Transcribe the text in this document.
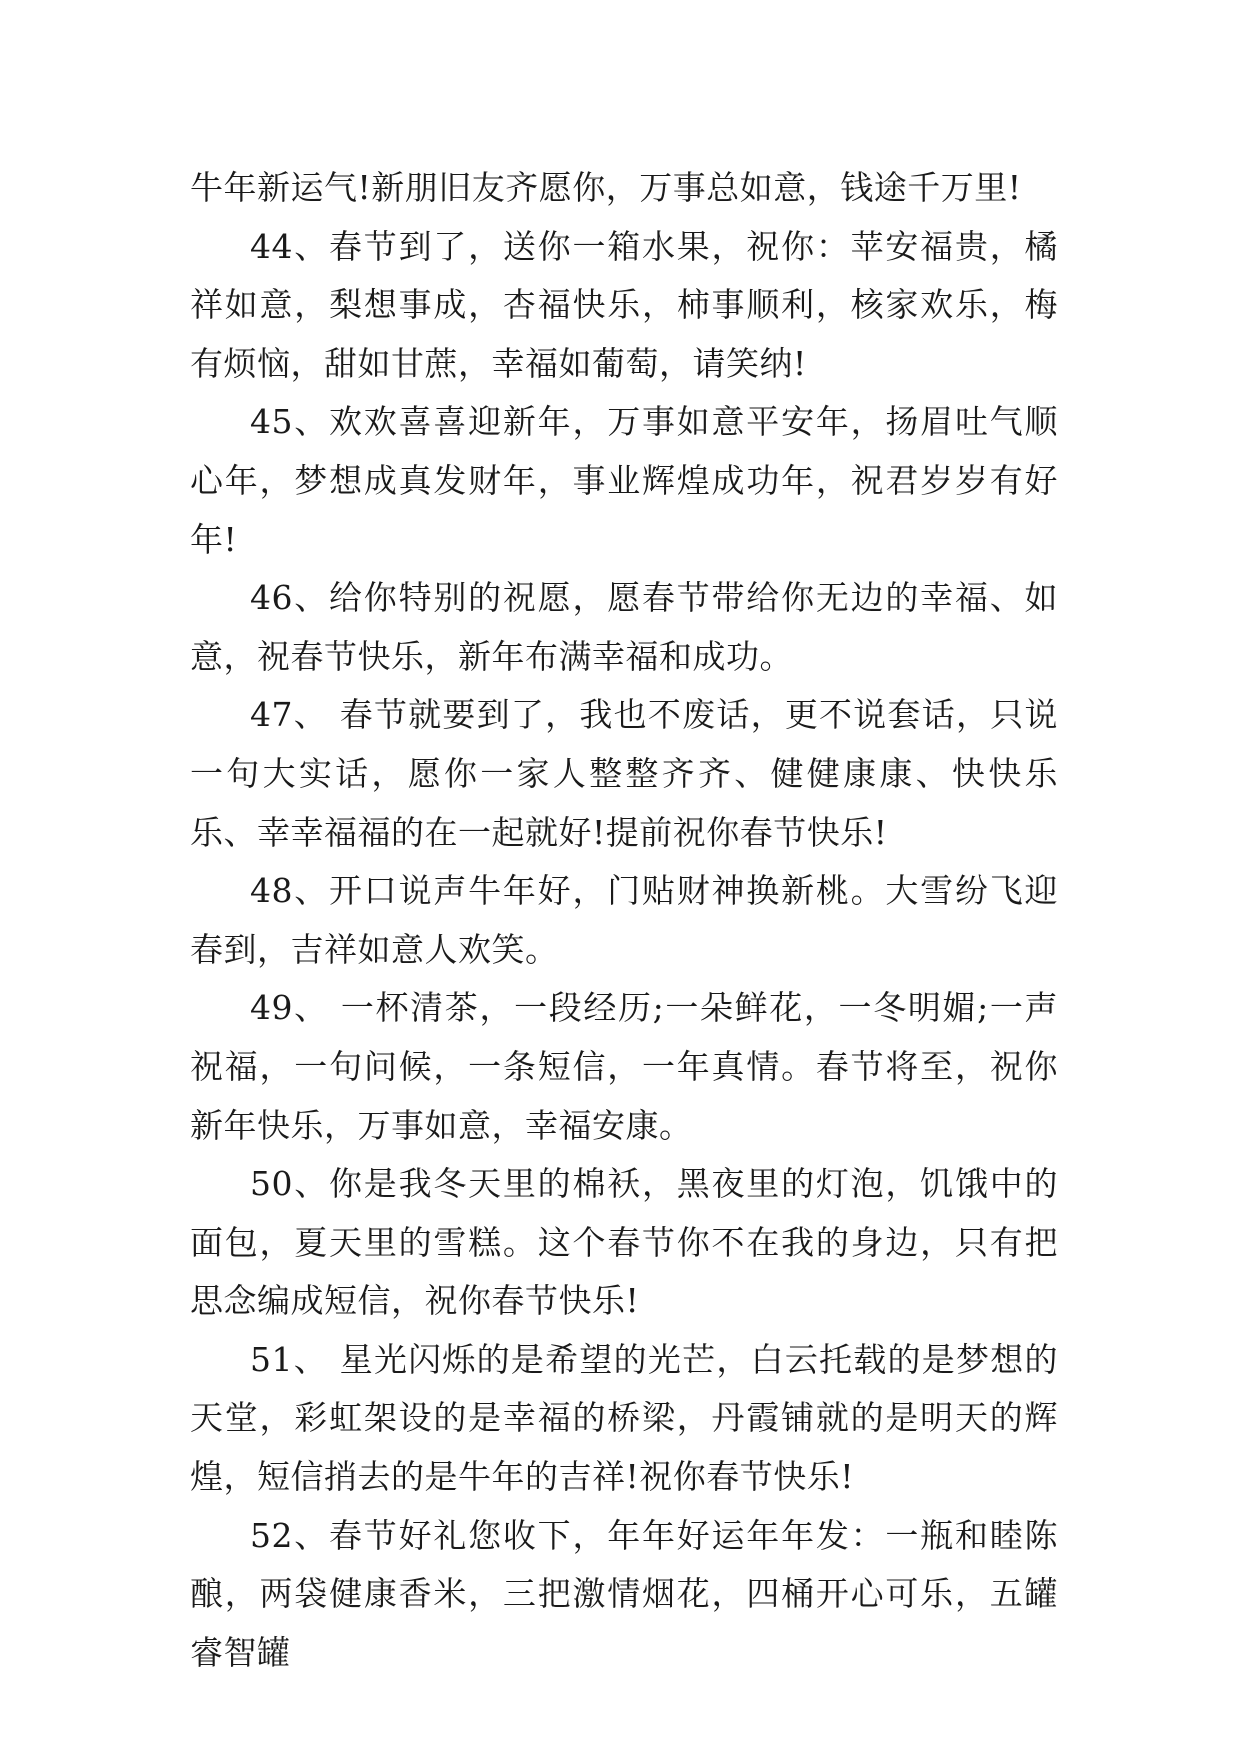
牛年新运气!新朋旧友齐愿你，万事总如意，钱途千万里!

44、春节到了，送你一箱水果，祝你：苹安福贵，橘祥如意，梨想事成，杏福快乐，柿事顺利，核家欢乐，梅有烦恼，甜如甘蔗，幸福如葡萄，请笑纳!

45、欢欢喜喜迎新年，万事如意平安年，扬眉吐气顺心年，梦想成真发财年，事业辉煌成功年，祝君岁岁有好年!

46、给你特别的祝愿，愿春节带给你无边的幸福、如意，祝春节快乐，新年布满幸福和成功。

47、 春节就要到了，我也不废话，更不说套话，只说一句大实话，愿你一家人整整齐齐、健健康康、快快乐乐、幸幸福福的在一起就好!提前祝你春节快乐!

48、开口说声牛年好，门贴财神换新桃。大雪纷飞迎春到，吉祥如意人欢笑。

49、 一杯清茶，一段经历;一朵鲜花，一冬明媚;一声祝福，一句问候，一条短信，一年真情。春节将至，祝你新年快乐，万事如意，幸福安康。

50、你是我冬天里的棉袄，黑夜里的灯泡，饥饿中的面包，夏天里的雪糕。这个春节你不在我的身边，只有把思念编成短信，祝你春节快乐!

51、 星光闪烁的是希望的光芒，白云托载的是梦想的天堂，彩虹架设的是幸福的桥梁，丹霞铺就的是明天的辉煌，短信捎去的是牛年的吉祥!祝你春节快乐!

52、春节好礼您收下，年年好运年年发：一瓶和睦陈酿，两袋健康香米，三把激情烟花，四桶开心可乐，五罐睿智罐
